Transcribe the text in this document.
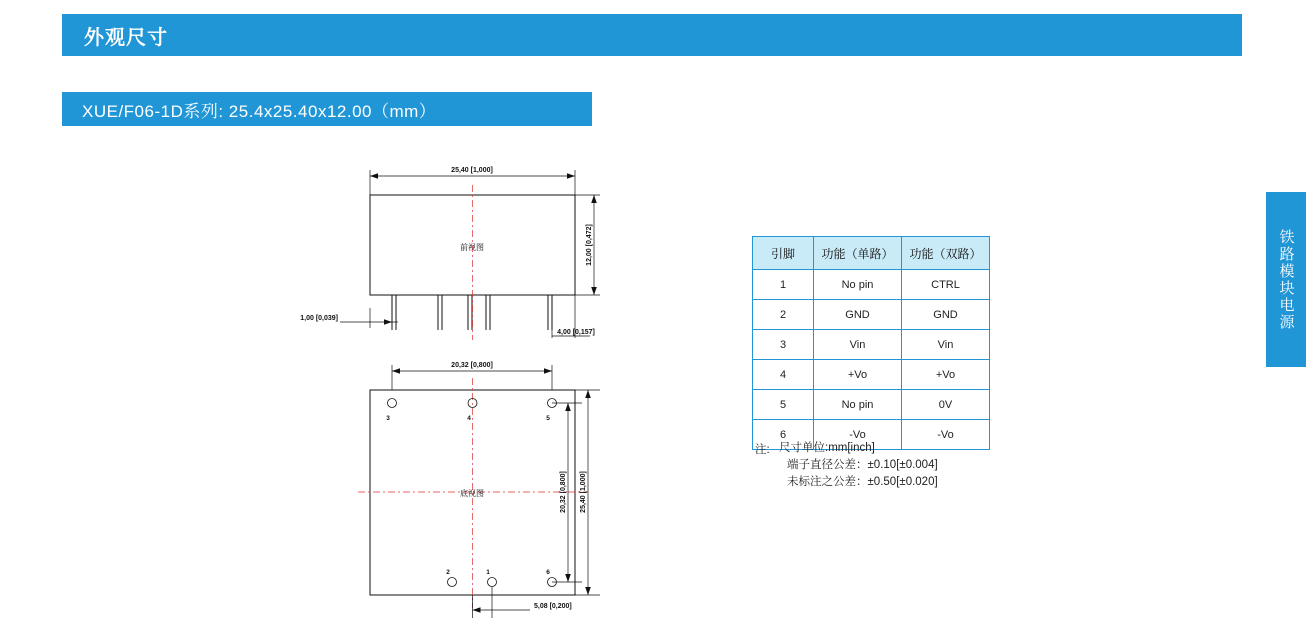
外观尺寸
XUE/F06-1D系列: 25.4x25.40x12.00（mm）
铁路模块电源
25,40 [1,000]
12,00 [0,472]
前视图
1,00 [0,039]
4,00 [0,157]
20,32 [0,800]
3	4	5
2	1	6
底视图	20,32 [0,800] 25,40 [1,000]
5,08 [0,200]
引脚	功能（单路）	功能（双路）
1	No pin	CTRL
2	GND	GND
3	Vin	Vin
4	+Vo	+Vo
5	No pin	0V
6	-Vo	-Vo
注: 尺寸单位:mm[inch]
端子直径公差：±0.10[±0.004]
未标注之公差：±0.50[±0.020]
